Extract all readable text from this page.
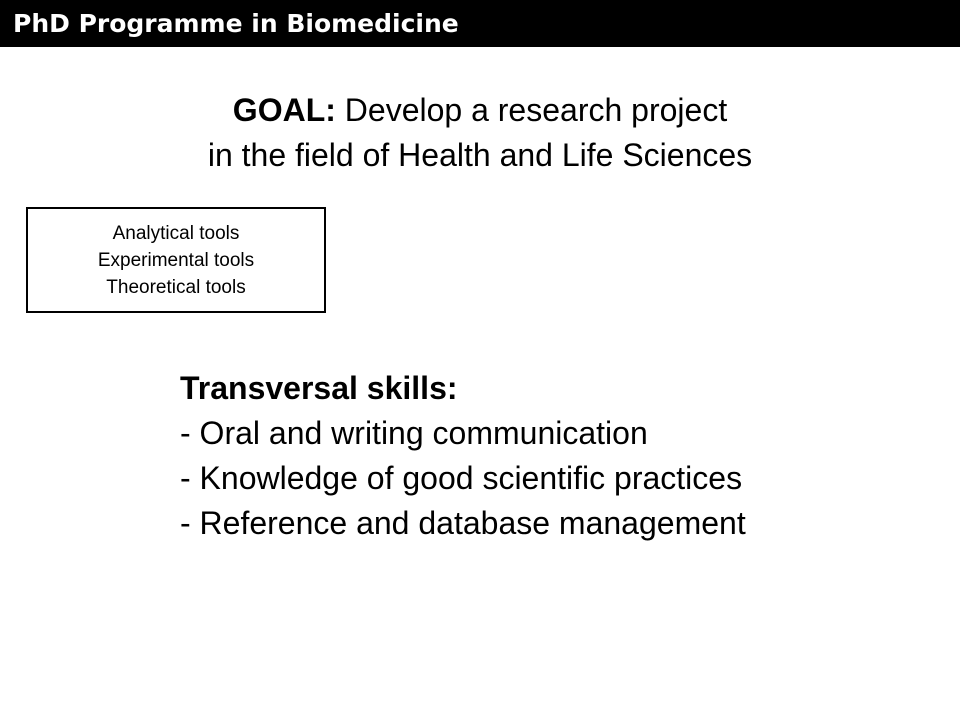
PhD Programme in Biomedicine
GOAL: Develop a research project
in the field of Health and Life Sciences
Analytical tools
Experimental tools
Theoretical tools
Transversal skills:
- Oral and writing communication
- Knowledge of good scientific practices
- Reference and database management
